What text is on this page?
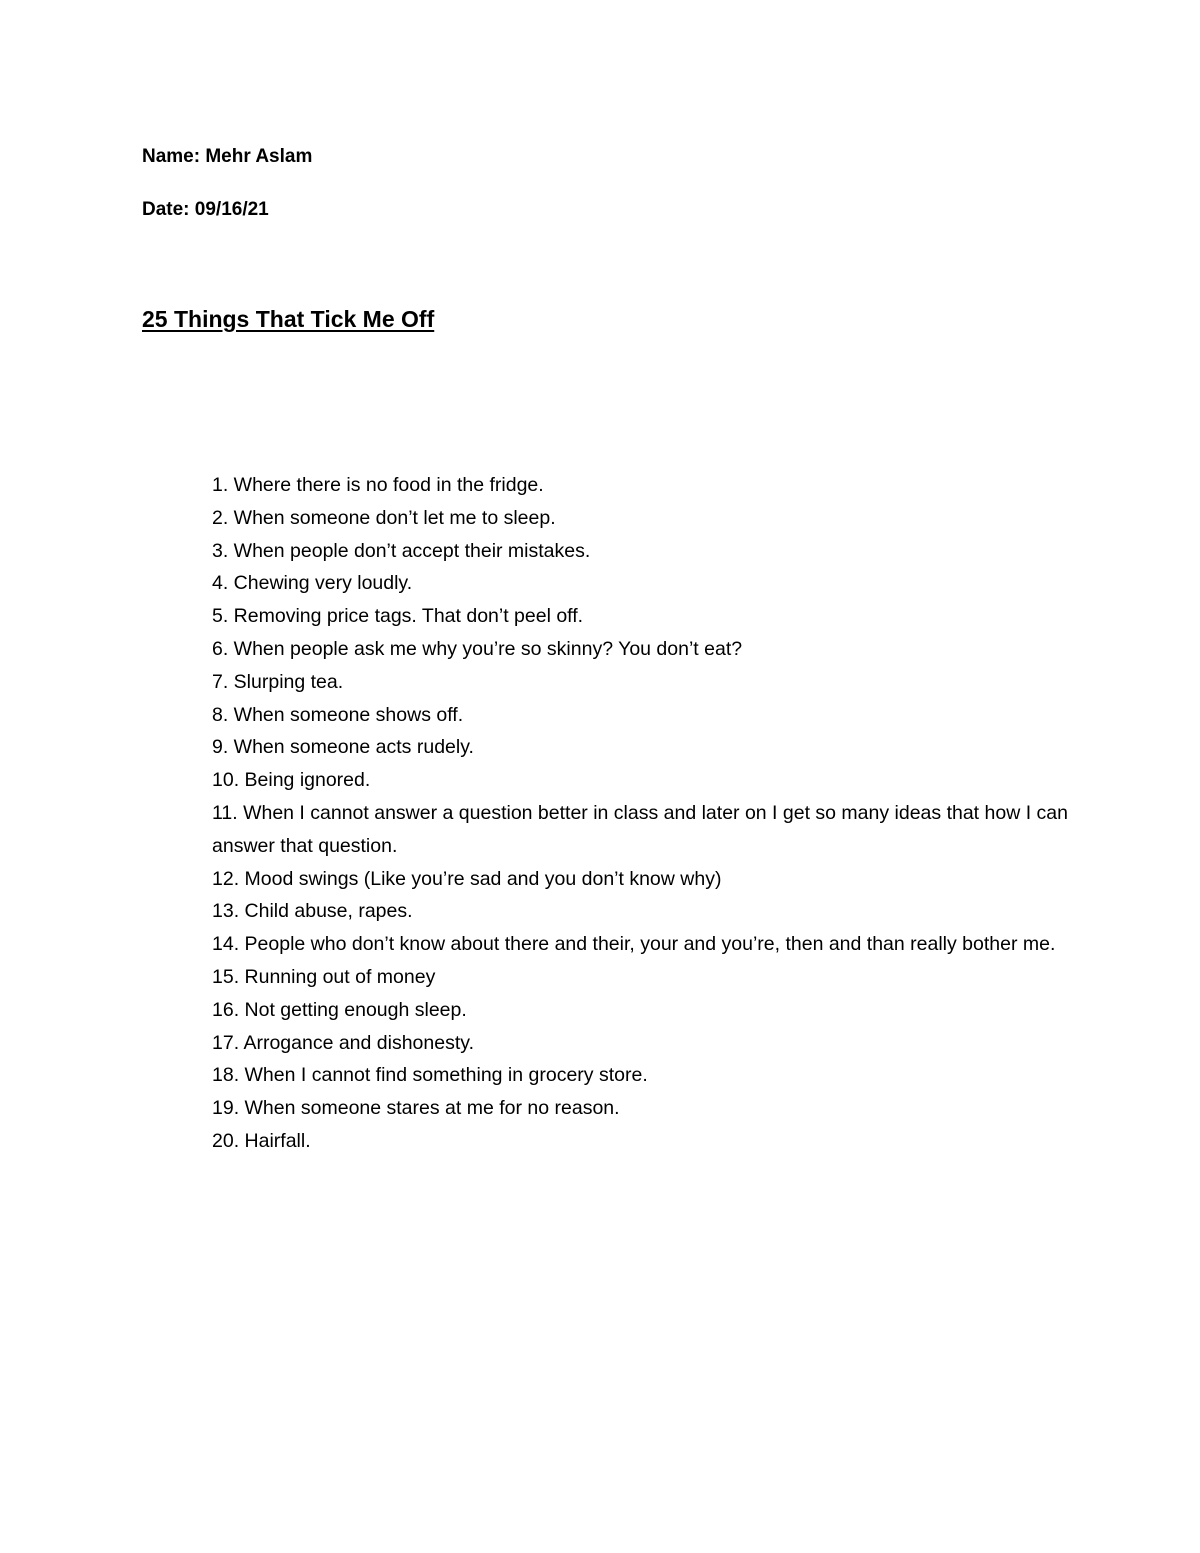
Name: Mehr Aslam
Date: 09/16/21
25 Things That Tick Me Off
1. Where there is no food in the fridge.
2. When someone don’t let me to sleep.
3. When people don’t accept their mistakes.
4. Chewing very loudly.
5. Removing price tags. That don’t peel off.
6. When people ask me why you’re so skinny? You don’t eat?
7. Slurping tea.
8. When someone shows off.
9. When someone acts rudely.
10. Being ignored.
11. When I cannot answer a question better in class and later on I get so many ideas that how I can answer that question.
12. Mood swings (Like you’re sad and you don’t know why)
13. Child abuse, rapes.
14. People who don’t know about there and their, your and you’re, then and than really bother me.
15. Running out of money
16. Not getting enough sleep.
17. Arrogance and dishonesty.
18. When I cannot find something in grocery store.
19. When someone stares at me for no reason.
20. Hairfall.
